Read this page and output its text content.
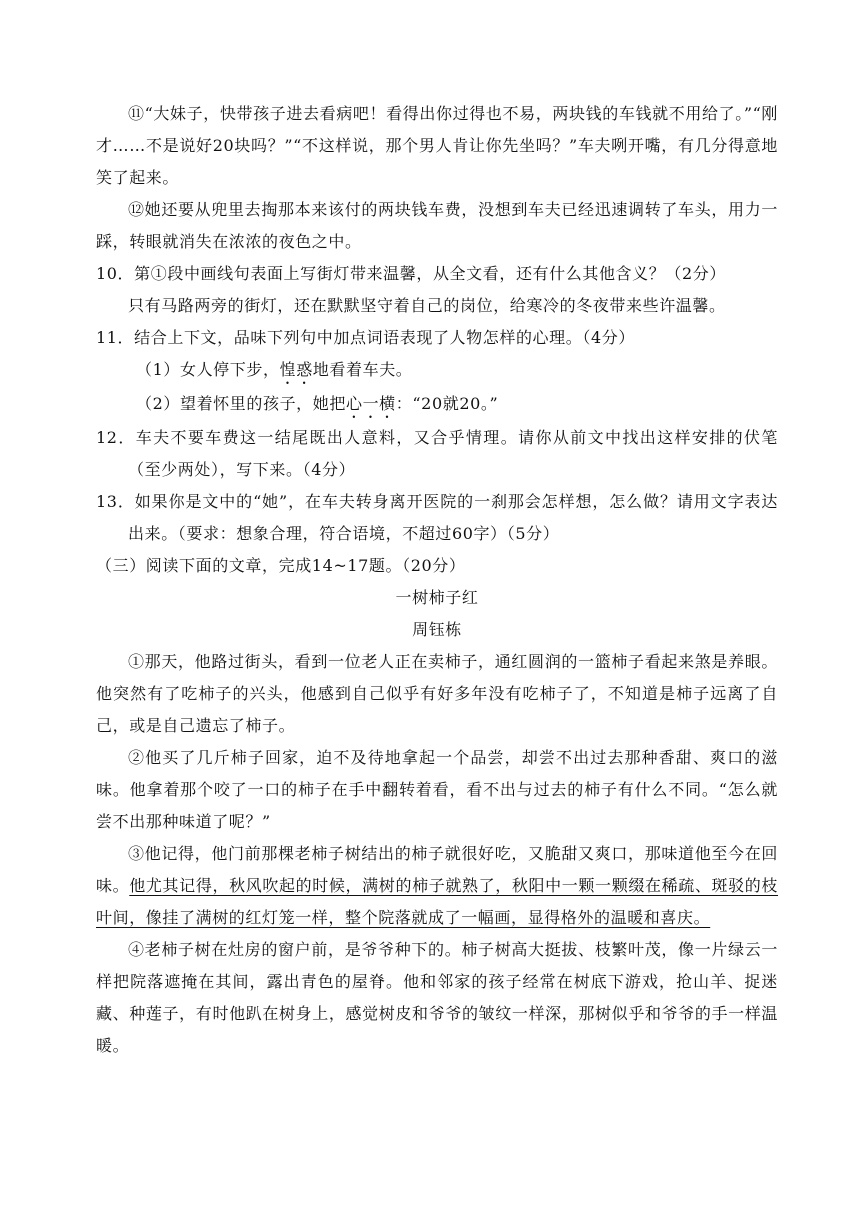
⑪“大妹子，快带孩子进去看病吧！看得出你过得也不易，两块钱的车钱就不用给了。”“刚才……不是说好20块吗？”“不这样说，那个男人肯让你先坐吗？”车夫咧开嘴，有几分得意地笑了起来。

⑫她还要从兜里去掏那本来该付的两块钱车费，没想到车夫已经迅速调转了车头，用力一踩，转眼就消失在浓浓的夜色之中。

10．第①段中画线句表面上写街灯带来温馨，从全文看，还有什么其他含义？（2分）

只有马路两旁的街灯，还在默默坚守着自己的岗位，给寒冷的冬夜带来些许温馨。

11．结合上下文，品味下列句中加点词语表现了人物怎样的心理。（4分）

（1）女人停下步，惶惑地看着车夫。

（2）望着怀里的孩子，她把心一横：“20就20。”

12．车夫不要车费这一结尾既出人意料，又合乎情理。请你从前文中找出这样安排的伏笔（至少两处），写下来。（4分）

13．如果你是文中的“她”，在车夫转身离开医院的一刹那会怎样想，怎么做？请用文字表达出来。（要求：想象合理，符合语境，不超过60字）（5分）

（三）阅读下面的文章，完成14~17题。（20分）

一树柿子红

周钰栋

①那天，他路过街头，看到一位老人正在卖柿子，通红圆润的一篮柿子看起来煞是养眼。他突然有了吃柿子的兴头，他感到自己似乎有好多年没有吃柿子了，不知道是柿子远离了自己，或是自己遗忘了柿子。

②他买了几斤柿子回家，迫不及待地拿起一个品尝，却尝不出过去那种香甜、爽口的滋味。他拿着那个咬了一口的柿子在手中翻转着看，看不出与过去的柿子有什么不同。“怎么就尝不出那种味道了呢？”

③他记得，他门前那棵老柿子树结出的柿子就很好吃，又脆甜又爽口，那味道他至今在回味。他尤其记得，秋风吹起的时候，满树的柿子就熟了，秋阳中一颗一颗缀在稀疏、斑驳的枝叶间，像挂了满树的红灯笼一样，整个院落就成了一幅画，显得格外的温暖和喜庆。

④老柿子树在灶房的窗户前，是爷爷种下的。柿子树高大挺拔、枝繁叶茂，像一片绿云一样把院落遮掩在其间，露出青色的屋脊。他和邻家的孩子经常在树底下游戏，抢山羊、捉迷藏、种莲子，有时他趴在树身上，感觉树皮和爷爷的皱纹一样深，那树似乎和爷爷的手一样温暖。
